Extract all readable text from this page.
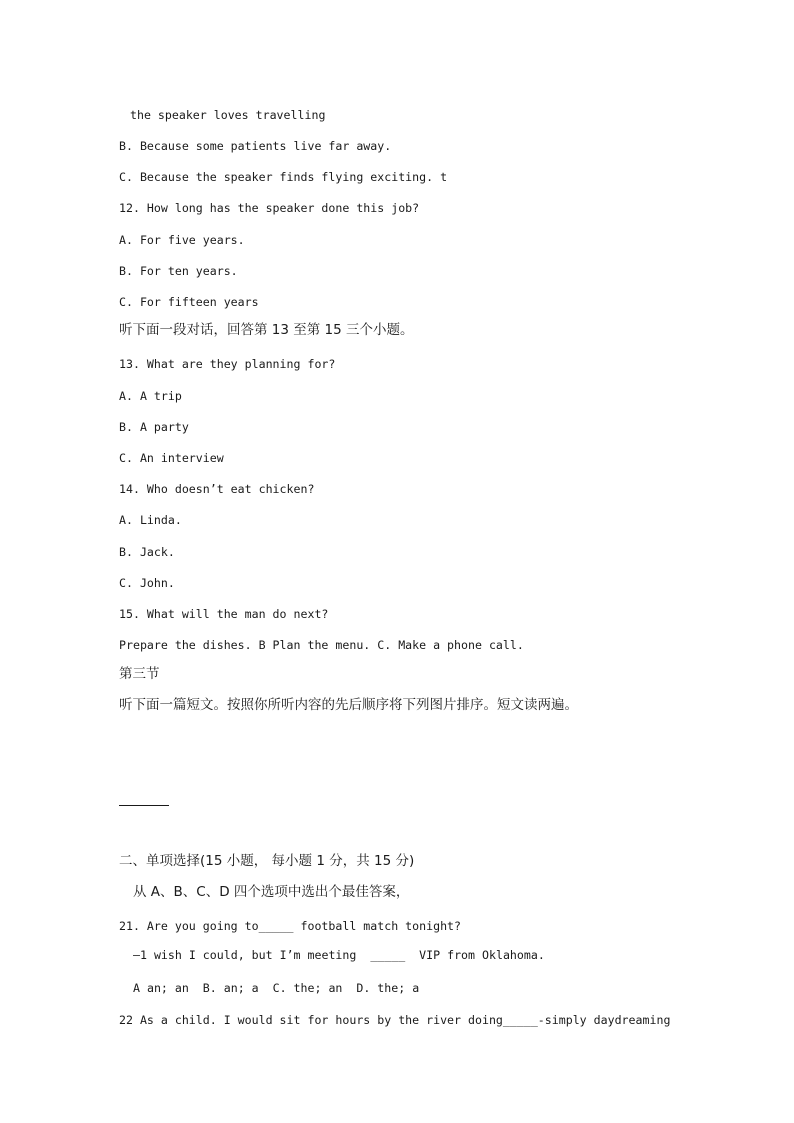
the speaker loves travelling
B. Because some patients live far away.
C. Because the speaker finds flying exciting. t
12. How long has the speaker done this job?
A. For five years.
B. For ten years.
C. For fifteen years
听下面一段对话，回答第 13 至第 15 三个小题。
13. What are they planning for?
A. A trip
B. A party
C. An interview
14. Who doesn’t eat chicken?
A. Linda.
B. Jack.
C. John.
15. What will the man do next?
Prepare the dishes. B Plan the menu. C. Make a phone call.
第三节
听下面一篇短文。按照你所听内容的先后顺序将下列图片排序。短文读两遍。
二、单项选择(15 小题， 每小题 1 分，共 15 分)
从 A、B、C、D 四个选项中选出个最佳答案，
21. Are you going to_____ football match tonight?
—1 wish I could, but I’m meeting  _____  VIP from Oklahoma.
A an; an  B. an; a  C. the; an  D. the; a
22 As a child. I would sit for hours by the river doing_____-simply daydreaming
